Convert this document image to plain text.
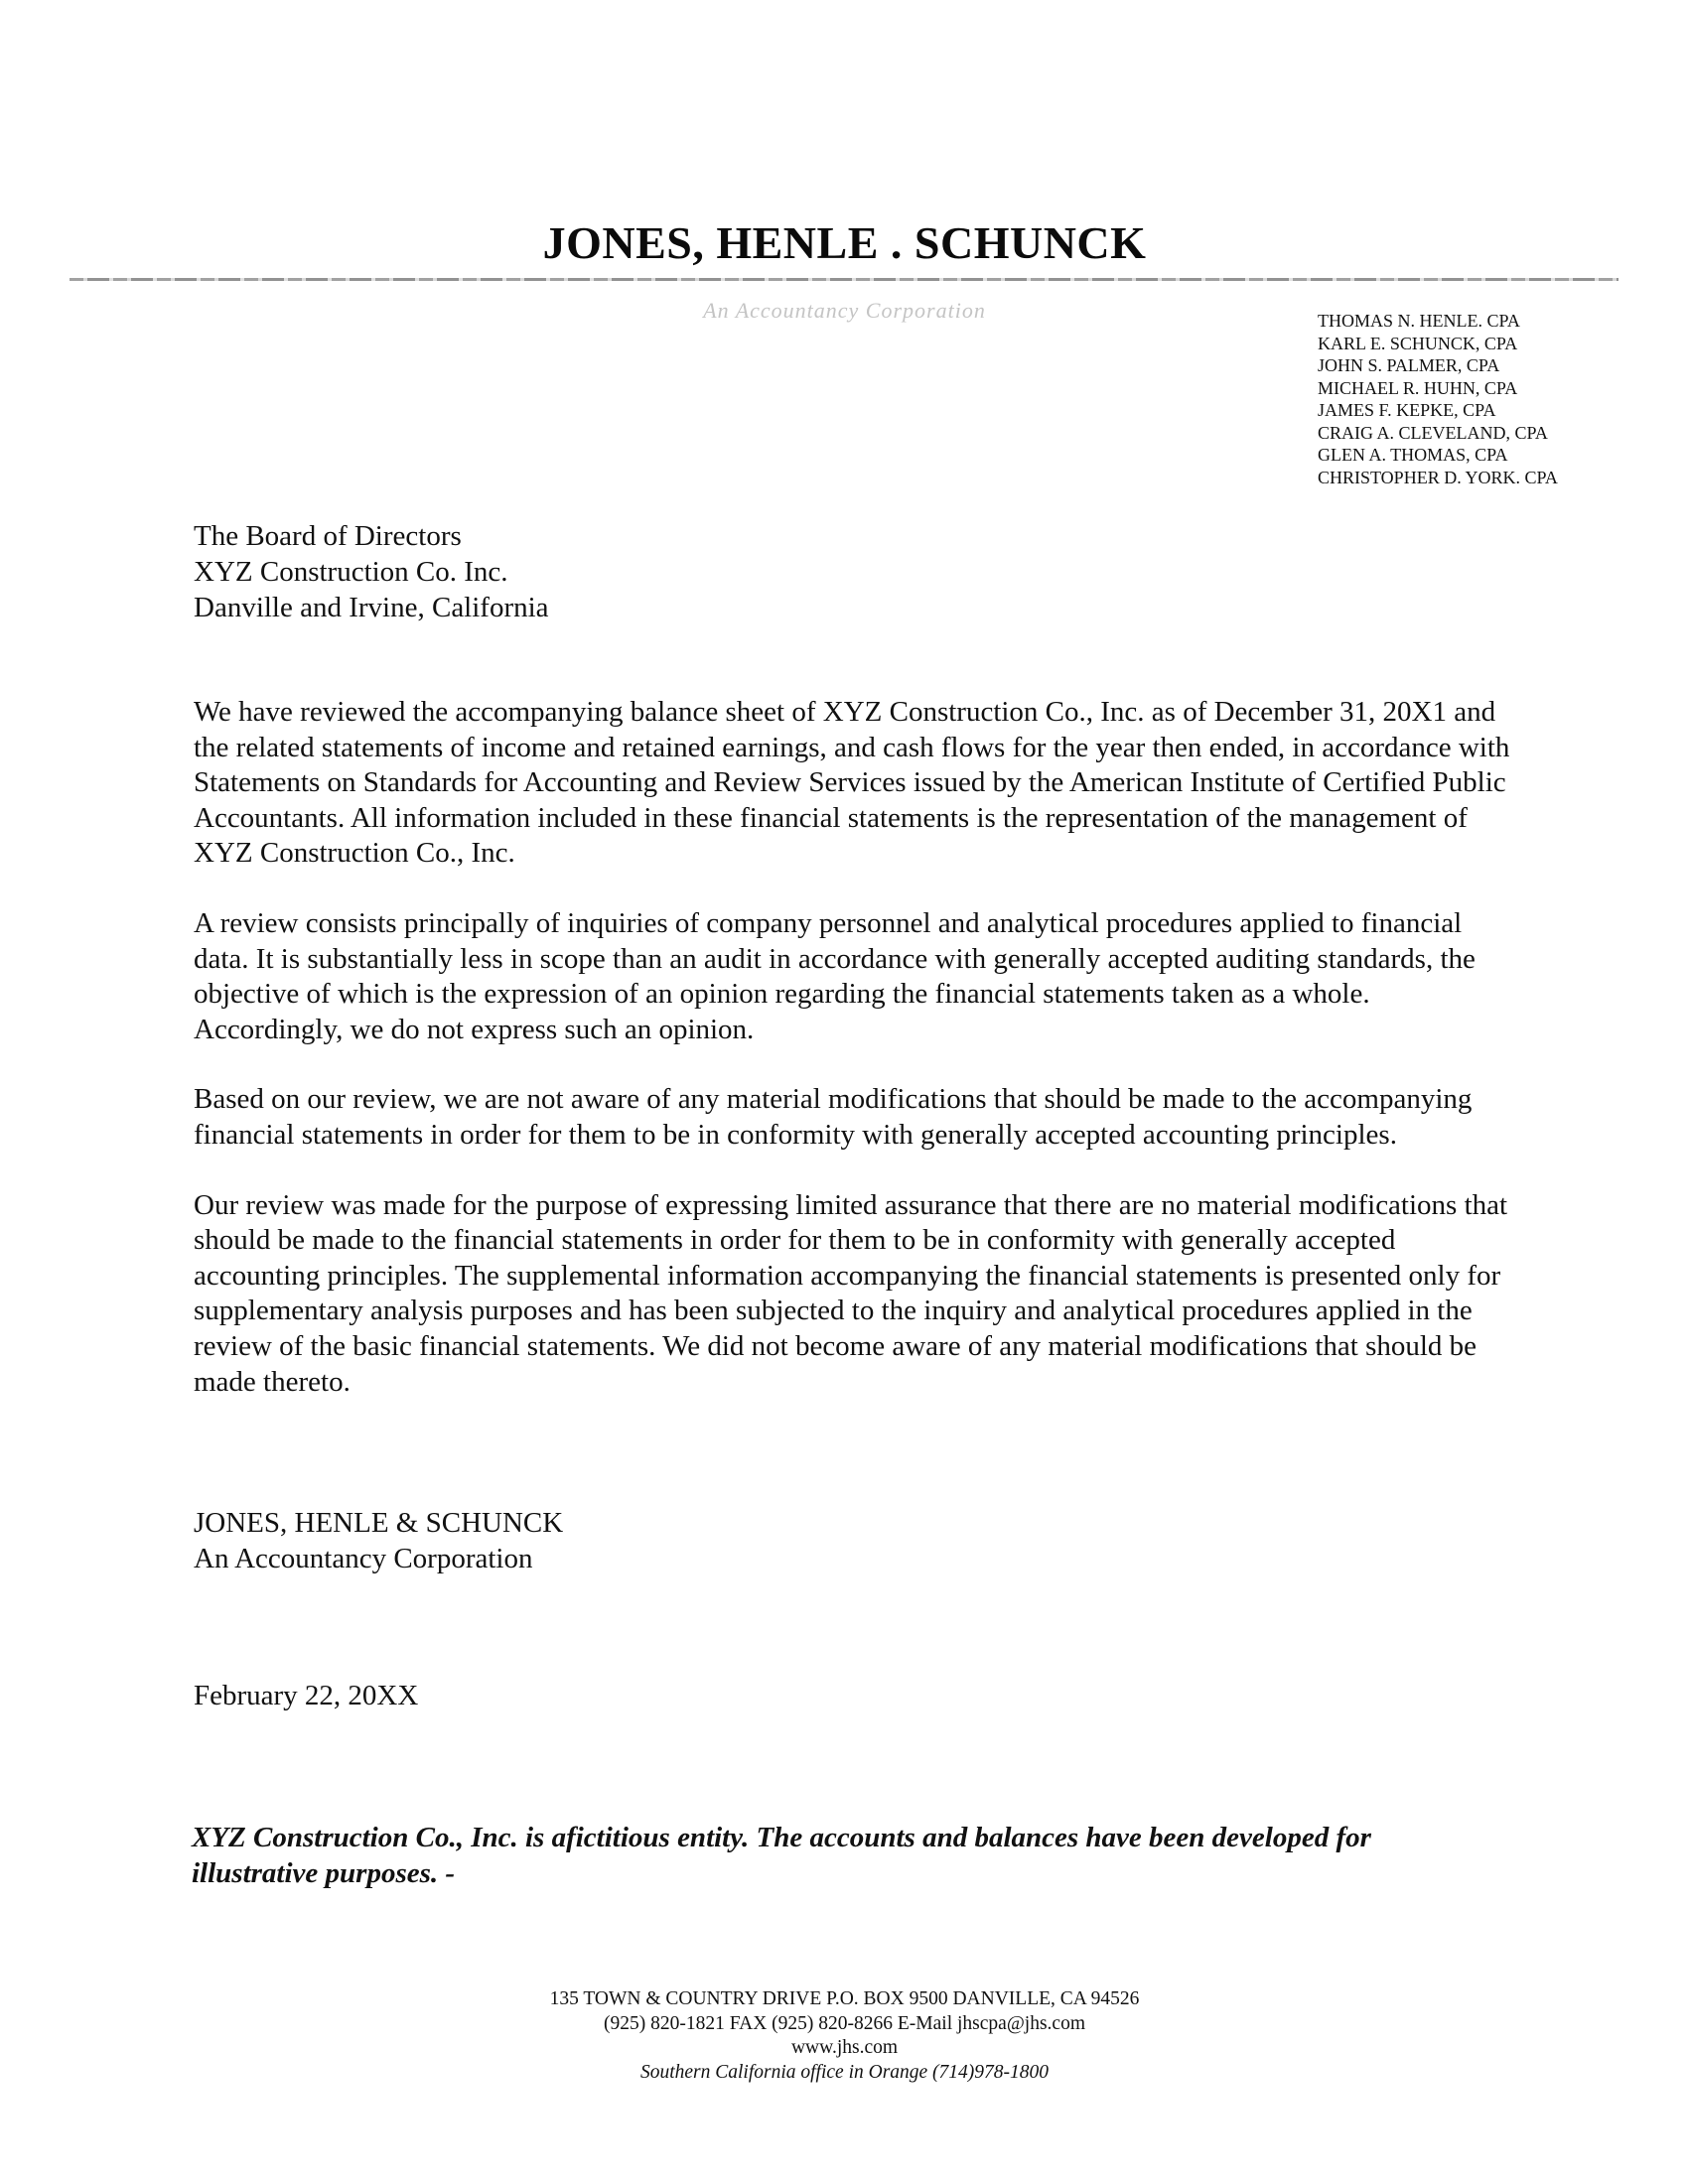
JONES, HENLE . SCHUNCK
An Accountancy Corporation	THOMAS N. HENLE. CPA
KARL E. SCHUNCK, CPA
JOHN S. PALMER, CPA
MICHAEL R. HUHN, CPA
JAMES F. KEPKE, CPA
CRAIG A. CLEVELAND, CPA
GLEN A. THOMAS, CPA
CHRISTOPHER D. YORK. CPA
The Board of Directors
XYZ Construction Co. Inc.
Danville and Irvine, California

We have reviewed the accompanying balance sheet of XYZ Construction Co., Inc. as of December 31, 20X1 and the related statements of income and retained earnings, and cash flows for the year then ended, in accordance with Statements on Standards for Accounting and Review Services issued by the American Institute of Certified Public Accountants. All information included in these financial statements is the representation of the management of XYZ Construction Co., Inc.

A review consists principally of inquiries of company personnel and analytical procedures applied to financial data. It is substantially less in scope than an audit in accordance with generally accepted auditing standards, the objective of which is the expression of an opinion regarding the financial statements taken as a whole. Accordingly, we do not express such an opinion.

Based on our review, we are not aware of any material modifications that should be made to the accompanying financial statements in order for them to be in conformity with generally accepted accounting principles.

Our review was made for the purpose of expressing limited assurance that there are no material modifications that should be made to the financial statements in order for them to be in conformity with generally accepted accounting principles. The supplemental information accompanying the financial statements is presented only for supplementary analysis purposes and has been subjected to the inquiry and analytical procedures applied in the review of the basic financial statements. We did not become aware of any material modifications that should be made thereto.

JONES, HENLE & SCHUNCK
An Accountancy Corporation
February 22, 20XX
XYZ Construction Co., Inc. is afictitious entity. The accounts and balances have been developed for illustrative purposes. -
135 TOWN & COUNTRY DRIVE P.O. BOX 9500 DANVILLE, CA 94526
(925) 820-1821 FAX (925) 820-8266 E-Mail jhscpa@jhs.com
www.jhs.com
Southern California office in Orange (714)978-1800
